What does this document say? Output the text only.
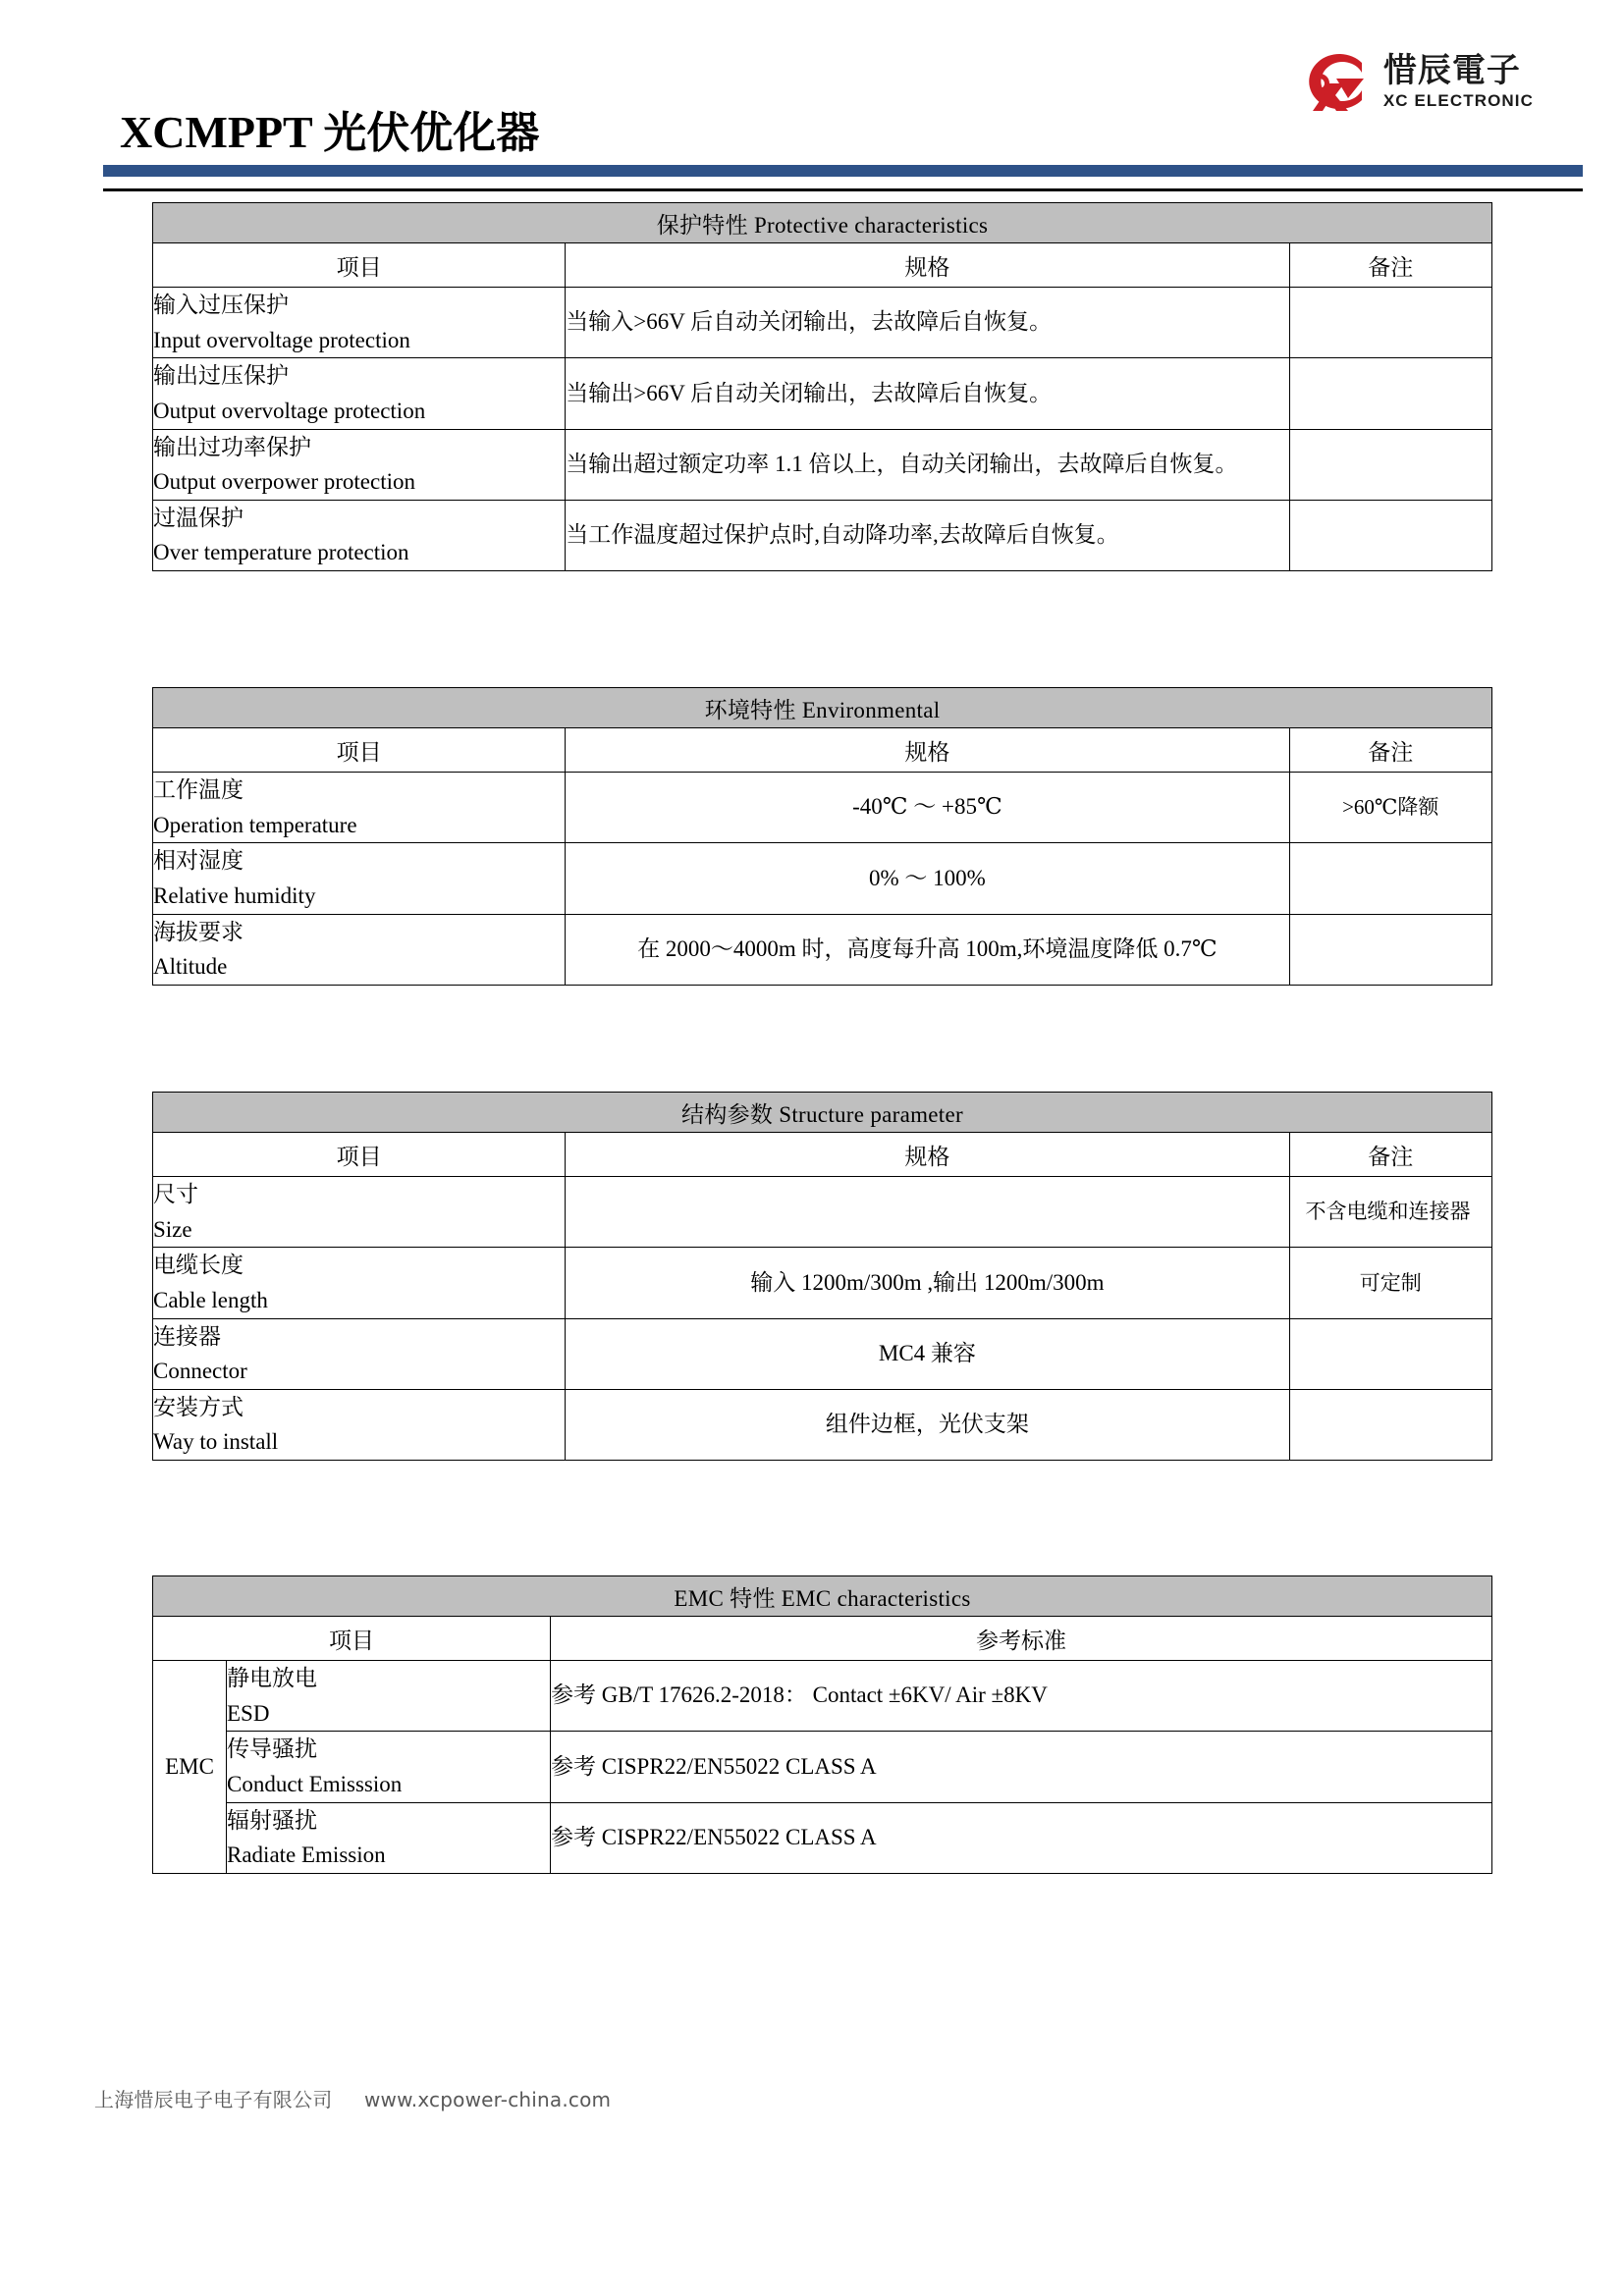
XCMPPT 光伏优化器
惜辰電子
XC ELECTRONIC
保护特性 Protective characteristics		
项目	规格	备注

输入过压保护
Input overvoltage protection	当输入>66V 后自动关闭输出，去故障后自恢复。	

输出过压保护
Output overvoltage protection	当输出>66V 后自动关闭输出，去故障后自恢复。	

输出过功率保护
Output overpower protection	当输出超过额定功率 1.1 倍以上，自动关闭输出，去故障后自恢复。	

过温保护
Over temperature protection	当工作温度超过保护点时,自动降功率,去故障后自恢复。	
环境特性 Environmental		
项目	规格	备注

工作温度
Operation temperature	-40℃ 〜 +85℃	>60℃降额

相对湿度
Relative humidity	0% 〜 100%	

海拔要求
Altitude	在 2000〜4000m 时，高度每升高 100m,环境温度降低 0.7℃	
结构参数 Structure parameter		
项目	规格	备注

尺寸
Size		不含电缆和连接器

电缆长度
Cable length	输入 1200m/300m ,输出 1200m/300m	可定制

连接器
Connector	MC4 兼容	

安装方式
Way to install	组件边框，光伏支架	
EMC 特性 EMC characteristics		
项目		参考标准
EMC	静电放电
ESD	参考 GB/T 17626.2-2018： Contact ±6KV/ Air ±8KV

	传导骚扰
Conduct Emisssion	参考 CISPR22/EN55022 CLASS A

	辐射骚扰
Radiate Emission	参考 CISPR22/EN55022 CLASS A
上海惜辰电子电子有限公司 www.xcpower-china.com
